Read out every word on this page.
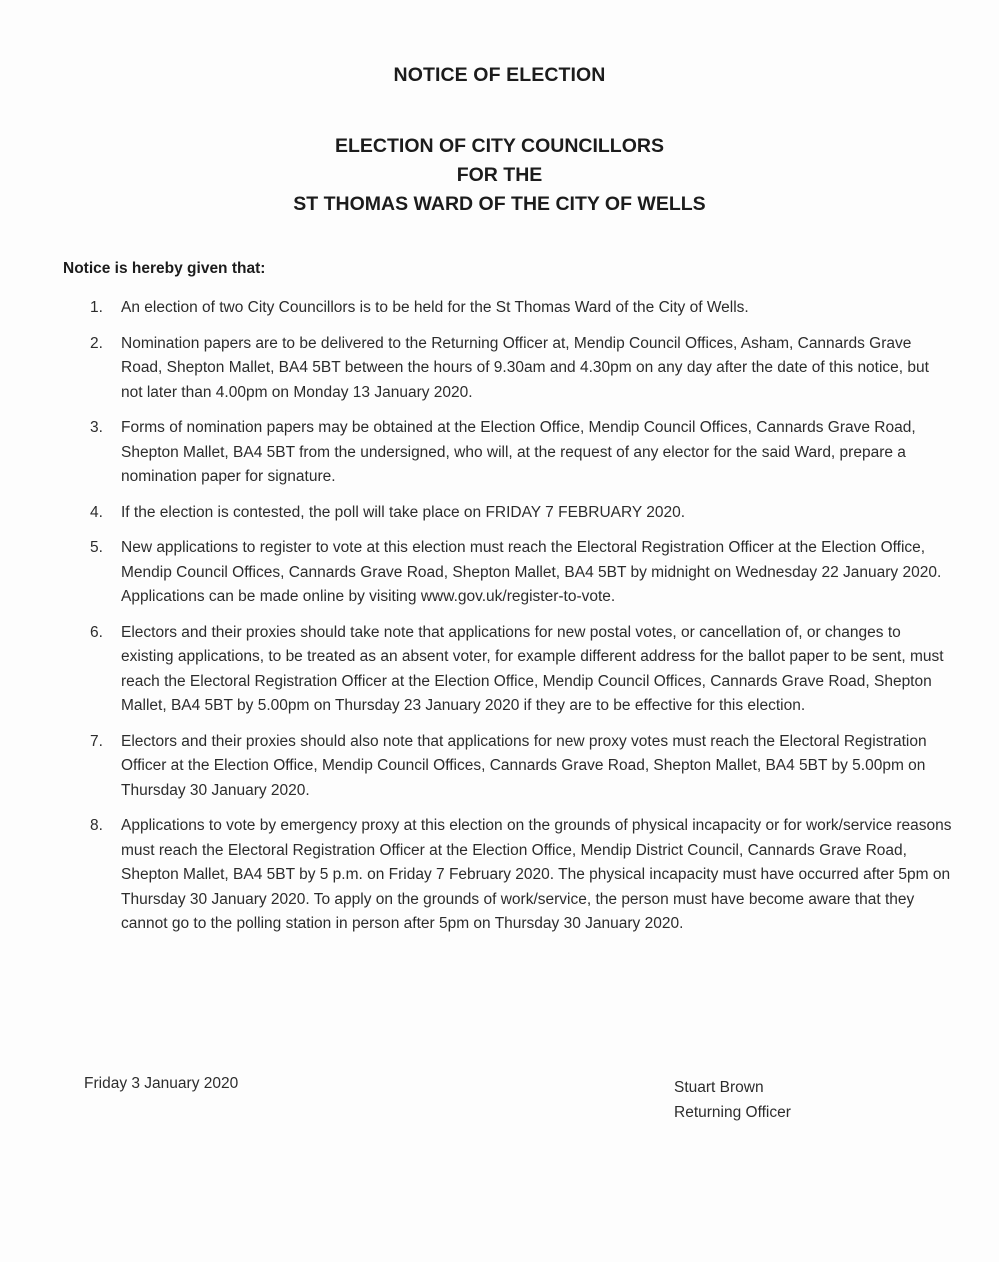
NOTICE OF ELECTION
ELECTION OF CITY COUNCILLORS
FOR THE
ST THOMAS WARD OF THE CITY OF WELLS
Notice is hereby given that:
1.	An election of two City Councillors is to be held for the St Thomas Ward of the City of Wells.
2.	Nomination papers are to be delivered to the Returning Officer at, Mendip Council Offices, Asham, Cannards Grave Road, Shepton Mallet, BA4 5BT between the hours of 9.30am and 4.30pm on any day after the date of this notice, but not later than 4.00pm on Monday 13 January 2020.
3.	Forms of nomination papers may be obtained at the Election Office, Mendip Council Offices, Cannards Grave Road, Shepton Mallet, BA4 5BT from the undersigned, who will, at the request of any elector for the said Ward, prepare a nomination paper for signature.
4.	If the election is contested, the poll will take place on FRIDAY 7 FEBRUARY 2020.
5.	New applications to register to vote at this election must reach the Electoral Registration Officer at the Election Office, Mendip Council Offices, Cannards Grave Road, Shepton Mallet, BA4 5BT by midnight on Wednesday 22 January 2020. Applications can be made online by visiting www.gov.uk/register-to-vote.
6.	Electors and their proxies should take note that applications for new postal votes, or cancellation of, or changes to existing applications, to be treated as an absent voter, for example different address for the ballot paper to be sent, must reach the Electoral Registration Officer at the Election Office, Mendip Council Offices, Cannards Grave Road, Shepton Mallet, BA4 5BT by 5.00pm on Thursday 23 January 2020 if they are to be effective for this election.
7.	Electors and their proxies should also note that applications for new proxy votes must reach the Electoral Registration Officer at the Election Office, Mendip Council Offices, Cannards Grave Road, Shepton Mallet, BA4 5BT by 5.00pm on Thursday 30 January 2020.
8.	Applications to vote by emergency proxy at this election on the grounds of physical incapacity or for work/service reasons must reach the Electoral Registration Officer at the Election Office, Mendip District Council, Cannards Grave Road, Shepton Mallet, BA4 5BT by 5 p.m. on Friday 7 February 2020. The physical incapacity must have occurred after 5pm on Thursday 30 January 2020. To apply on the grounds of work/service, the person must have become aware that they cannot go to the polling station in person after 5pm on Thursday 30 January 2020.
Friday 3 January 2020	Stuart Brown
Returning Officer
